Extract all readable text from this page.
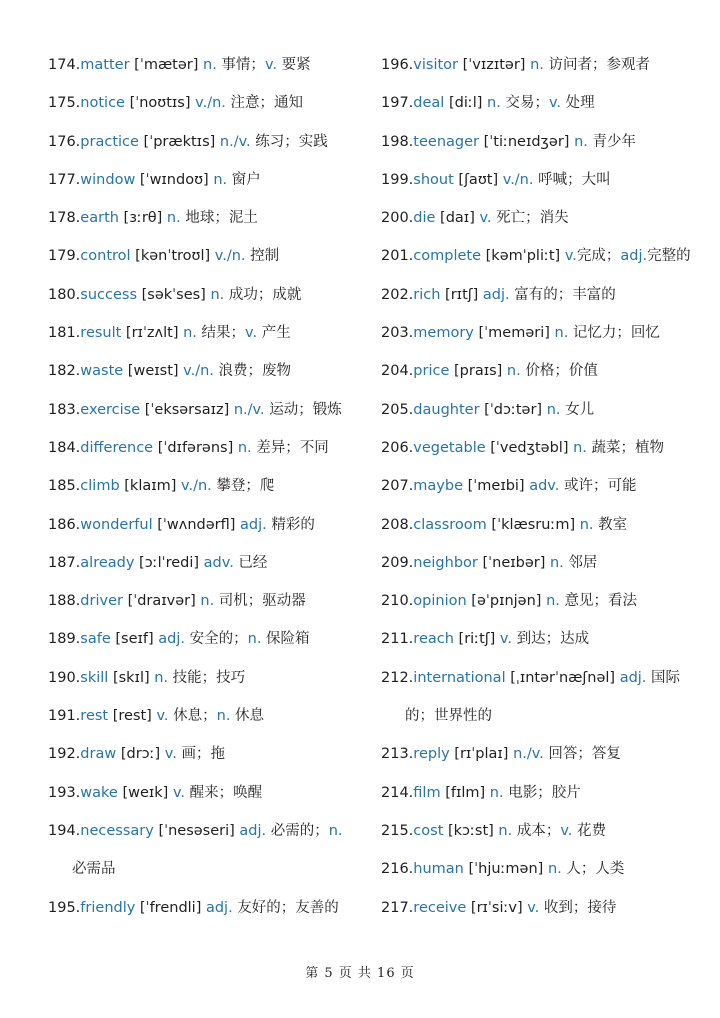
174.matter [ˈmætər] n. 事情；v. 要紧
175.notice [ˈnoʊtɪs] v./n. 注意；通知
176.practice [ˈpræktɪs] n./v. 练习；实践
177.window [ˈwɪndoʊ] n. 窗户
178.earth [ɜːrθ] n. 地球；泥土
179.control [kənˈtroʊl] v./n. 控制
180.success [səkˈses] n. 成功；成就
181.result [rɪˈzʌlt] n. 结果；v. 产生
182.waste [weɪst] v./n. 浪费；废物
183.exercise [ˈeksərsaɪz] n./v. 运动；锻炼
184.difference [ˈdɪfərəns] n. 差异；不同
185.climb [klaɪm] v./n. 攀登；爬
186.wonderful [ˈwʌndərfl] adj. 精彩的
187.already [ɔːlˈredi] adv. 已经
188.driver [ˈdraɪvər] n. 司机；驱动器
189.safe [seɪf] adj. 安全的；n. 保险箱
190.skill [skɪl] n. 技能；技巧
191.rest [rest] v. 休息；n. 休息
192.draw [drɔː] v. 画；拖
193.wake [weɪk] v. 醒来；唤醒
194.necessary [ˈnesəseri] adj. 必需的；n.
必需品
195.friendly [ˈfrendli] adj. 友好的；友善的
196.visitor [ˈvɪzɪtər] n. 访问者；参观者
197.deal [diːl] n. 交易；v. 处理
198.teenager [ˈtiːneɪdʒər] n. 青少年
199.shout [ʃaʊt] v./n. 呼喊；大叫
200.die [daɪ] v. 死亡；消失
201.complete [kəmˈpliːt] v.完成；adj.完整的
202.rich [rɪtʃ] adj. 富有的；丰富的
203.memory [ˈmeməri] n. 记忆力；回忆
204.price [praɪs] n. 价格；价值
205.daughter [ˈdɔːtər] n. 女儿
206.vegetable [ˈvedʒtəbl] n. 蔬菜；植物
207.maybe [ˈmeɪbi] adv. 或许；可能
208.classroom [ˈklæsruːm] n. 教室
209.neighbor [ˈneɪbər] n. 邻居
210.opinion [əˈpɪnjən] n. 意见；看法
211.reach [riːtʃ] v. 到达；达成
212.international [ˌɪntərˈnæʃnəl] adj. 国际
的；世界性的
213.reply [rɪˈplaɪ] n./v. 回答；答复
214.film [fɪlm] n. 电影；胶片
215.cost [kɔːst] n. 成本；v. 花费
216.human [ˈhjuːmən] n. 人；人类
217.receive [rɪˈsiːv] v. 收到；接待
第 5 页 共 16 页
